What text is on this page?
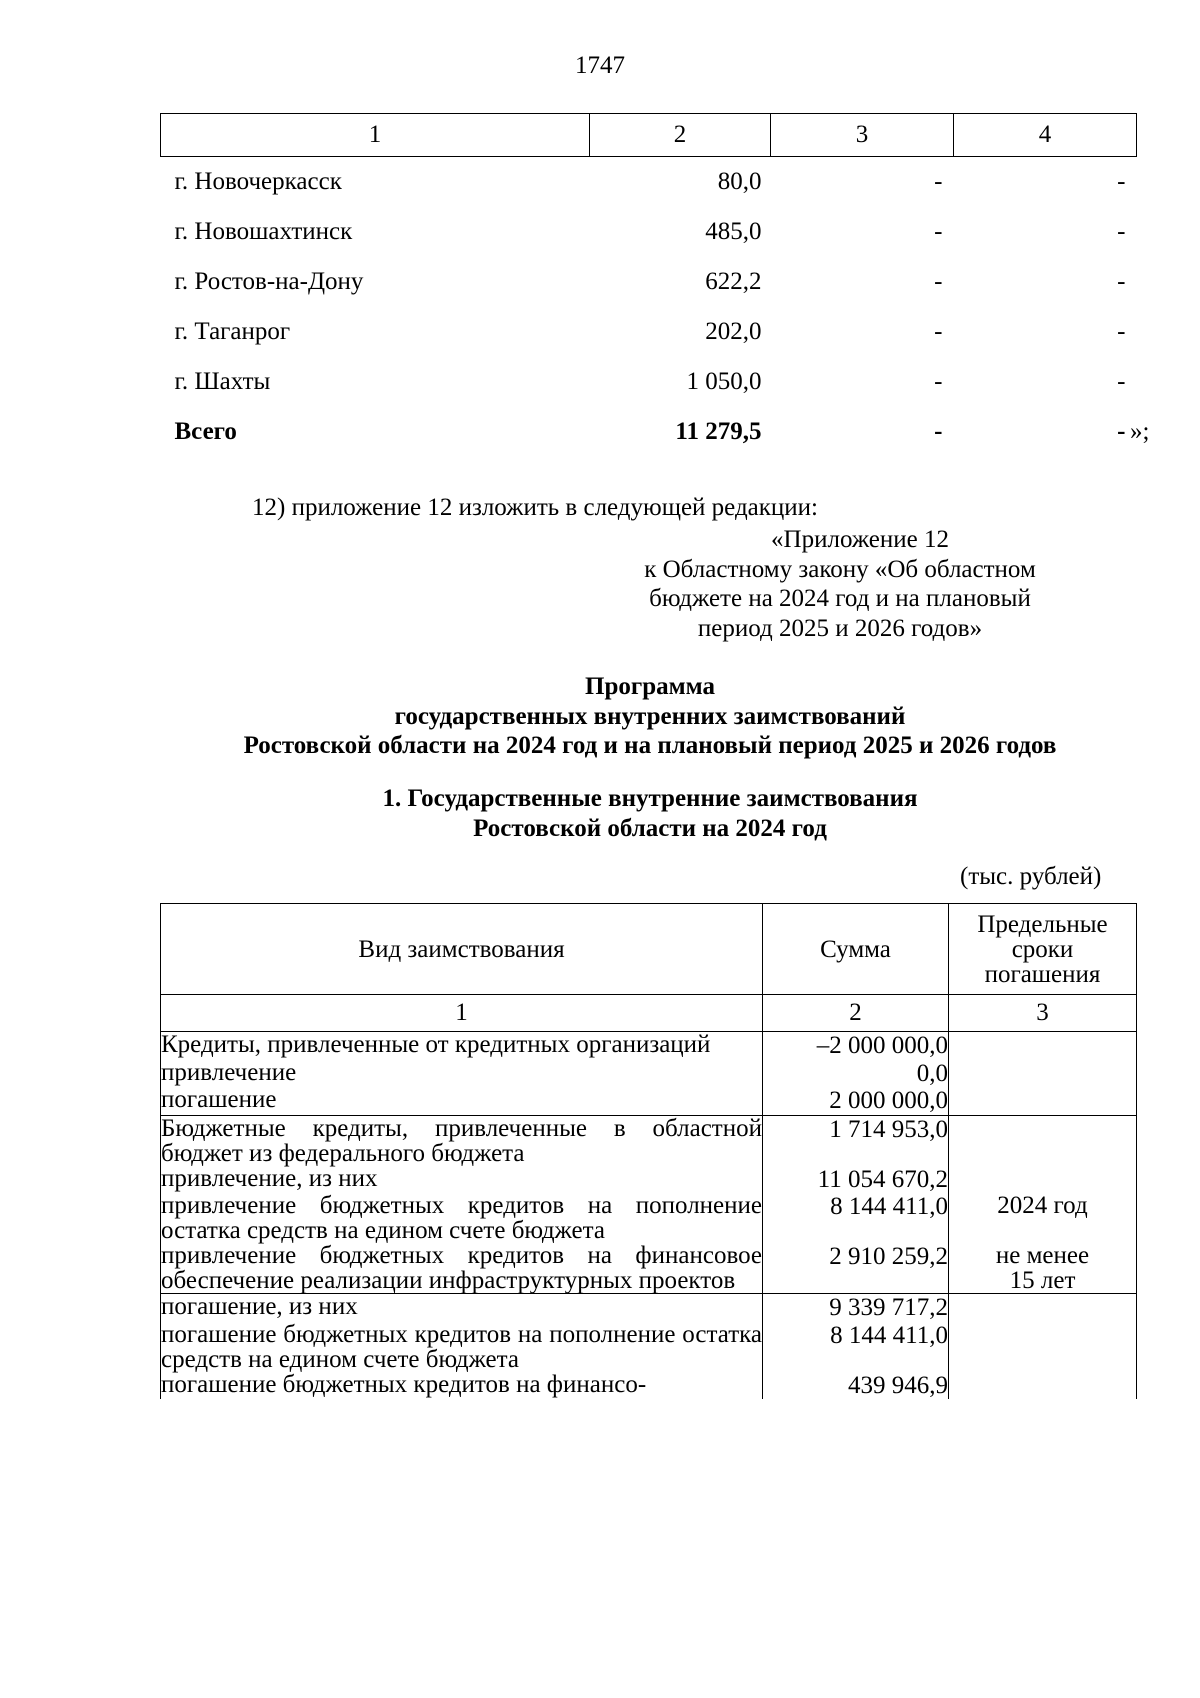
1747
1	2	3	4
г. Новочеркасск	80,0	-	-
г. Новошахтинск	485,0	-	-
г. Ростов-на-Дону	622,2	-	-
г. Таганрог	202,0	-	-
г. Шахты	1 050,0	-	-
Всего	11 279,5	-	- »;
12) приложение 12 изложить в следующей редакции:
«Приложение 12
к Областному закону «Об областном
бюджете на 2024 год и на плановый
период 2025 и 2026 годов»
Программа
государственных внутренних заимствований
Ростовской области на 2024 год и на плановый период 2025 и 2026 годов
1. Государственные внутренние заимствования
Ростовской области на 2024 год
(тыс. рублей)
Вид заимствования	Сумма	Предельные
сроки
погашения

1	2	3
Кредиты, привлеченные от кредитных организаций	–2 000 000,0	
привлечение	0,0	
погашение	2 000 000,0	
Бюджетные кредиты, привлеченные в областной бюджет из федерального бюджета	1 714 953,0	
привлечение, из них	11 054 670,2	
привлечение бюджетных кредитов на пополнение остатка средств на едином счете бюджета	8 144 411,0	2024 год
привлечение бюджетных кредитов на финансовое обеспечение реализации инфраструктурных проектов	2 910 259,2	не менее
15 лет

погашение, из них	9 339 717,2	
погашение бюджетных кредитов на пополнение остатка средств на едином счете бюджета	8 144 411,0	
погашение бюджетных кредитов на финансо-	439 946,9	
